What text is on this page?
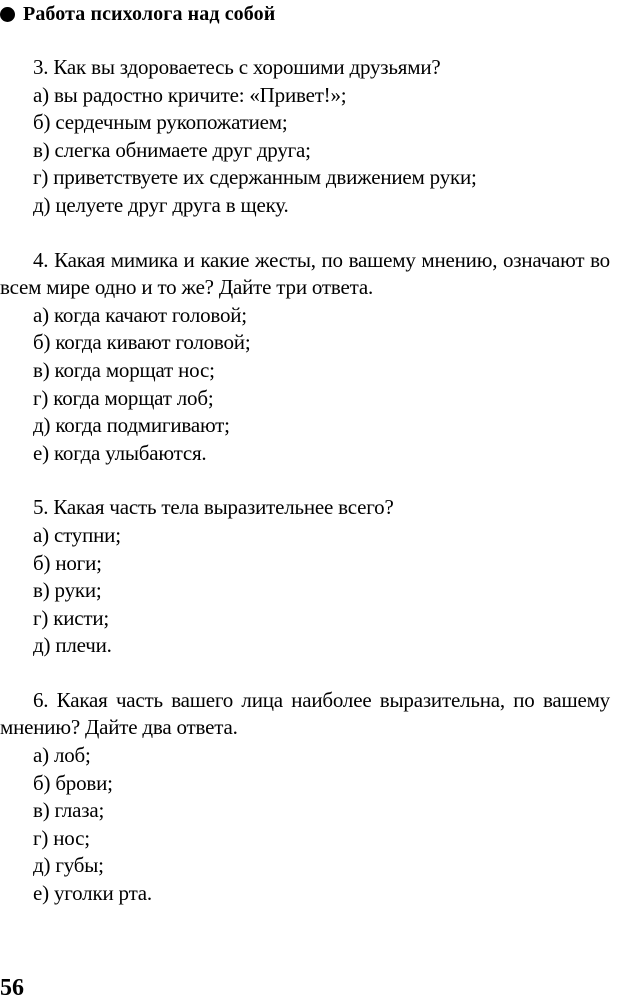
Работа психолога над собой

3. Как вы здороваетесь с хорошими друзьями?

а) вы радостно кричите: «Привет!»;
б) сердечным рукопожатием;
в) слегка обнимаете друг друга;
г) приветствуете их сдержанным движением руки;
д) целуете друг друга в щеку.

4. Какая мимика и какие жесты, по вашему мнению, означают во всем мире одно и то же? Дайте три ответа.

а) когда качают головой;
б) когда кивают головой;
в) когда морщат нос;
г) когда морщат лоб;
д) когда подмигивают;
е) когда улыбаются.

5. Какая часть тела выразительнее всего?

а) ступни;
б) ноги;
в) руки;
г) кисти;
д) плечи.

6. Какая часть вашего лица наиболее выразительна, по вашему мнению? Дайте два ответа.

а) лоб;
б) брови;
в) глаза;
г) нос;
д) губы;
е) уголки рта.
56
